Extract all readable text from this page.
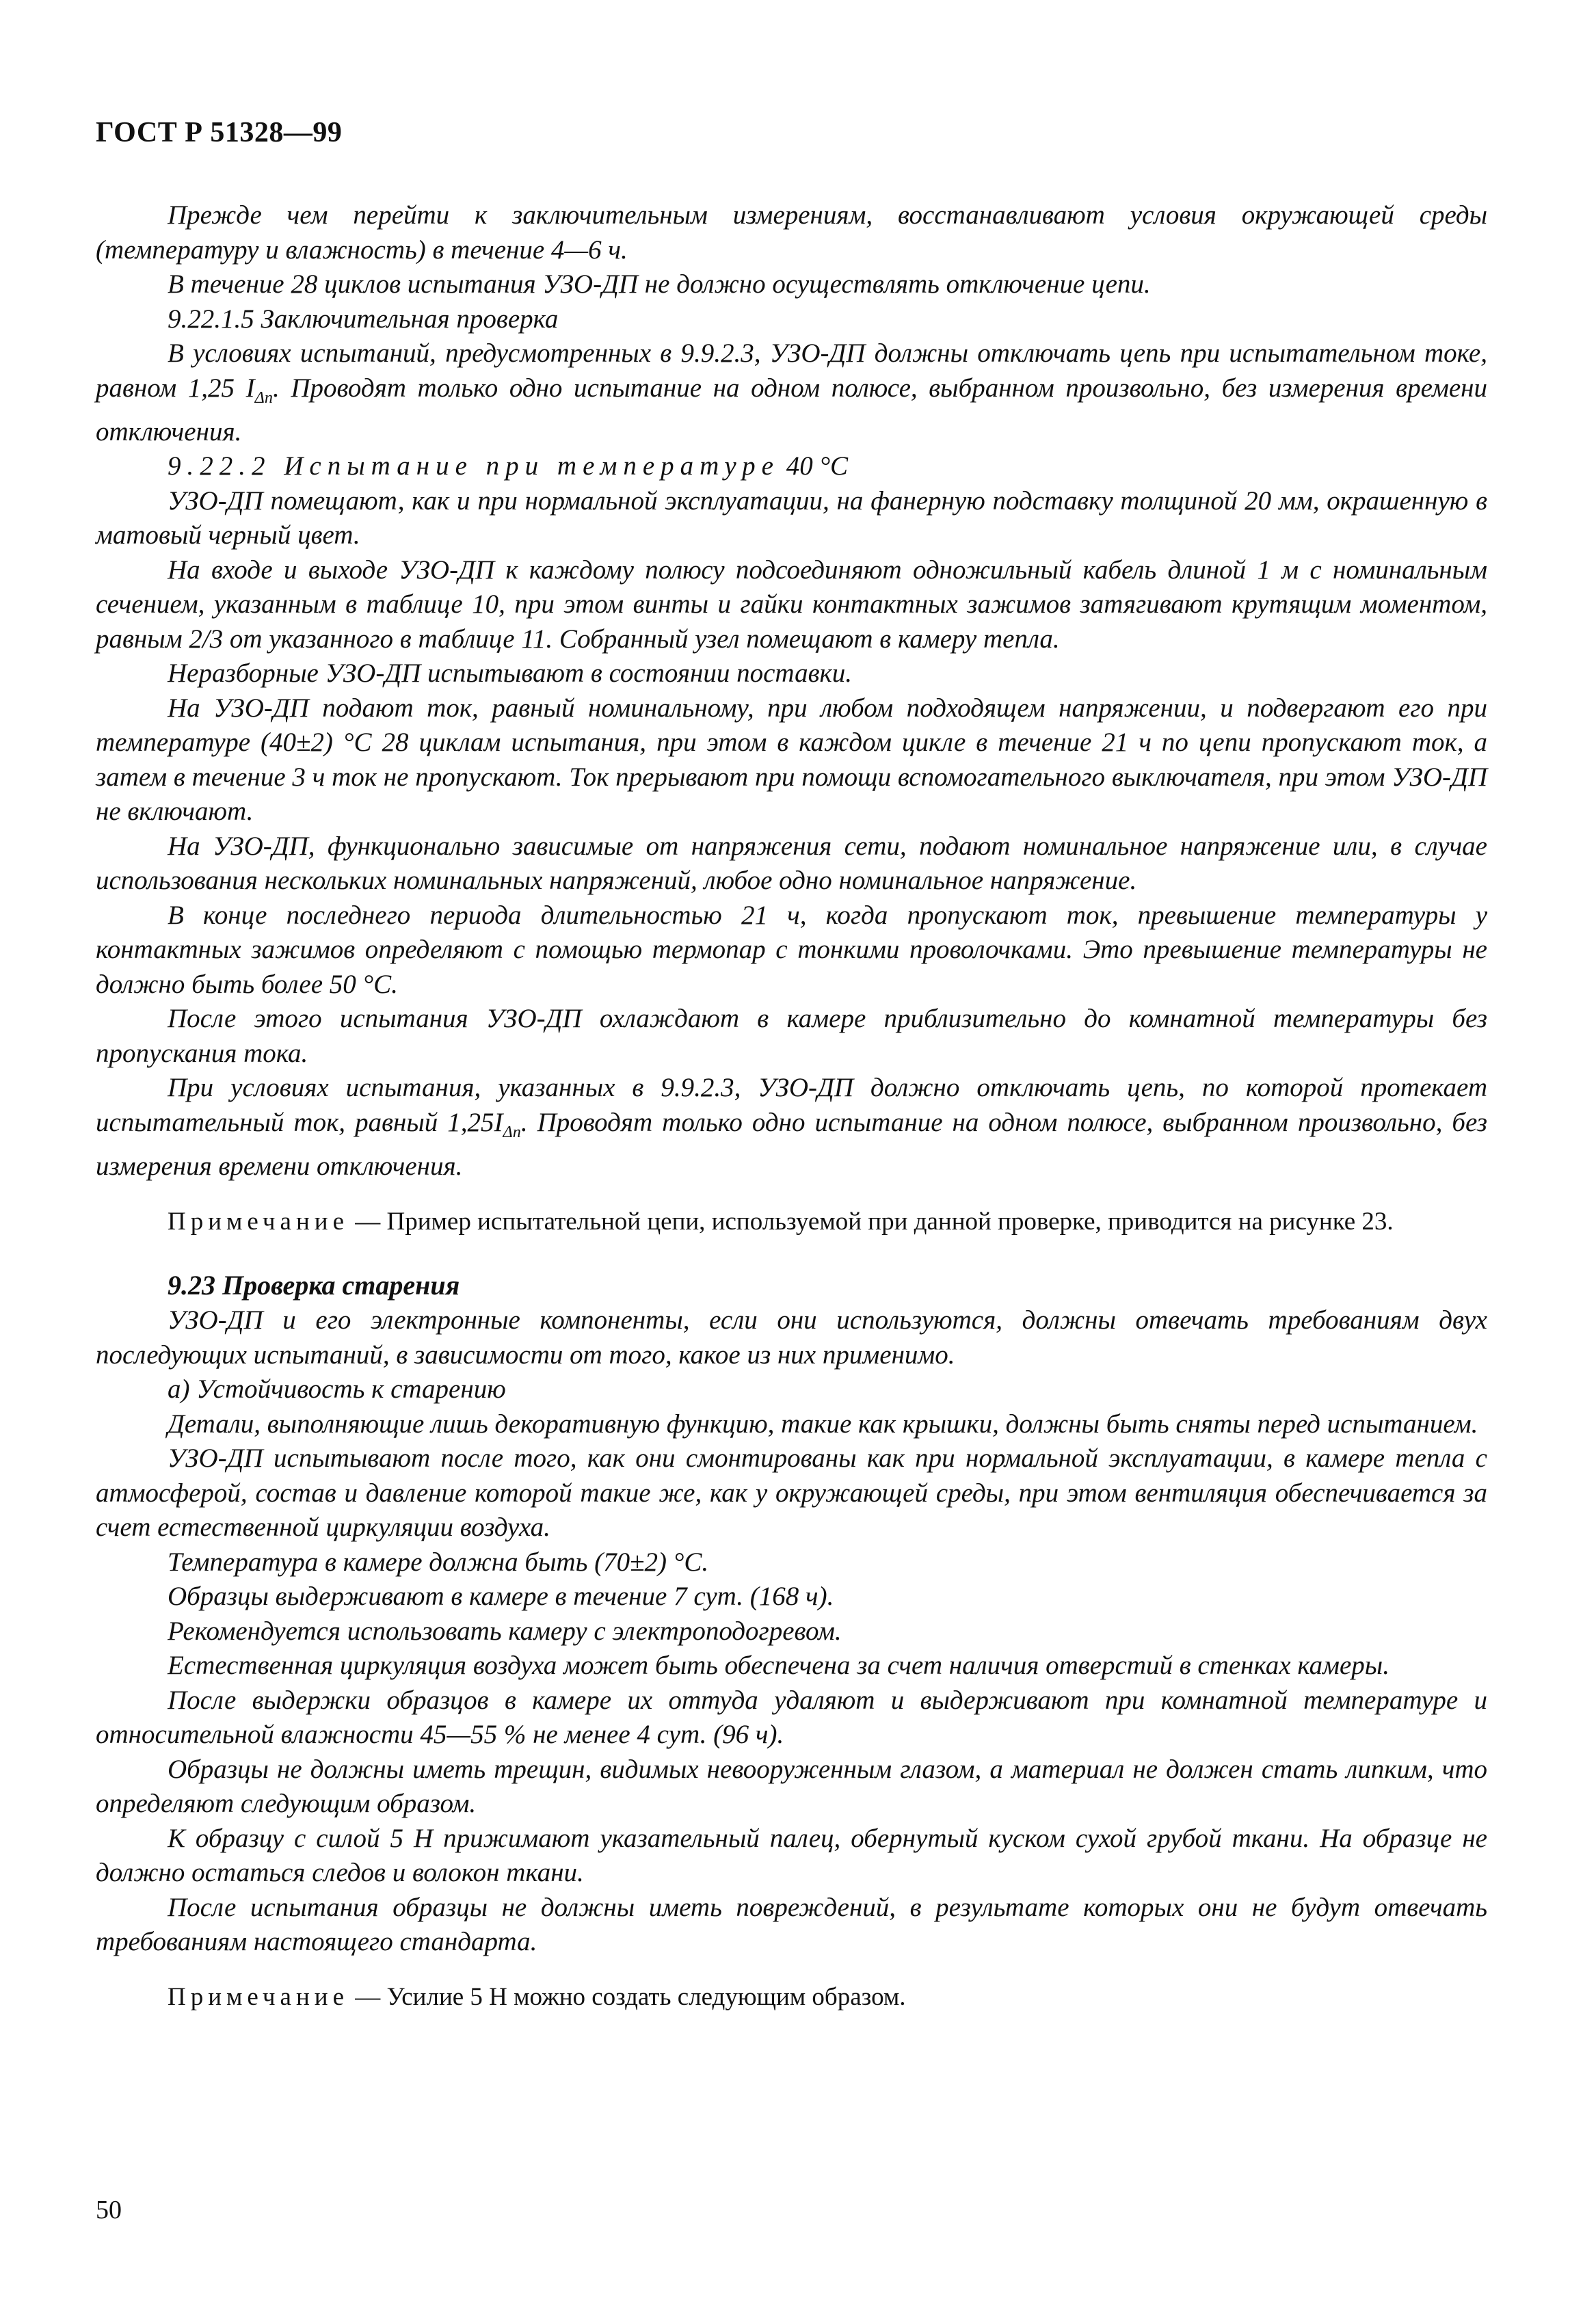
ГОСТ Р 51328—99

Прежде чем перейти к заключительным измерениям, восстанавливают условия окружающей среды (температуру и влажность) в течение 4—6 ч.

В течение 28 циклов испытания УЗО-ДП не должно осуществлять отключение цепи.

9.22.1.5 Заключительная проверка

В условиях испытаний, предусмотренных в 9.9.2.3, УЗО-ДП должны отключать цепь при испытательном токе, равном 1,25 $I_{\Delta n}$. Проводят только одно испытание на одном полюсе, выбранном произвольно, без измерения времени отключения.

9.22.2 Испытание при температуре 40 °С

УЗО-ДП помещают, как и при нормальной эксплуатации, на фанерную подставку толщиной 20 мм, окрашенную в матовый черный цвет.

На входе и выходе УЗО-ДП к каждому полюсу подсоединяют одножильный кабель длиной 1 м с номинальным сечением, указанным в таблице 10, при этом винты и гайки контактных зажимов затягивают крутящим моментом, равным 2/3 от указанного в таблице 11. Собранный узел помещают в камеру тепла.

Неразборные УЗО-ДП испытывают в состоянии поставки.

На УЗО-ДП подают ток, равный номинальному, при любом подходящем напряжении, и подвергают его при температуре (40±2) °С 28 циклам испытания, при этом в каждом цикле в течение 21 ч по цепи пропускают ток, а затем в течение 3 ч ток не пропускают. Ток прерывают при помощи вспомогательного выключателя, при этом УЗО-ДП не включают.

На УЗО-ДП, функционально зависимые от напряжения сети, подают номинальное напряжение или, в случае использования нескольких номинальных напряжений, любое одно номинальное напряжение.

В конце последнего периода длительностью 21 ч, когда пропускают ток, превышение температуры у контактных зажимов определяют с помощью термопар с тонкими проволочками. Это превышение температуры не должно быть более 50 °С.

После этого испытания УЗО-ДП охлаждают в камере приблизительно до комнатной температуры без пропускания тока.

При условиях испытания, указанных в 9.9.2.3, УЗО-ДП должно отключать цепь, по которой протекает испытательный ток, равный $1,25I_{\Delta n}$. Проводят только одно испытание на одном полюсе, выбранном произвольно, без измерения времени отключения.

Примечание — Пример испытательной цепи, используемой при данной проверке, приводится на рисунке 23.

9.23 Проверка старения

УЗО-ДП и его электронные компоненты, если они используются, должны отвечать требованиям двух последующих испытаний, в зависимости от того, какое из них применимо.

а) Устойчивость к старению

Детали, выполняющие лишь декоративную функцию, такие как крышки, должны быть сняты перед испытанием.

УЗО-ДП испытывают после того, как они смонтированы как при нормальной эксплуатации, в камере тепла с атмосферой, состав и давление которой такие же, как у окружающей среды, при этом вентиляция обеспечивается за счет естественной циркуляции воздуха.

Температура в камере должна быть (70±2) °С.

Образцы выдерживают в камере в течение 7 сут. (168 ч).

Рекомендуется использовать камеру с электроподогревом.

Естественная циркуляция воздуха может быть обеспечена за счет наличия отверстий в стенках камеры.

После выдержки образцов в камере их оттуда удаляют и выдерживают при комнатной температуре и относительной влажности 45—55 % не менее 4 сут. (96 ч).

Образцы не должны иметь трещин, видимых невооруженным глазом, а материал не должен стать липким, что определяют следующим образом.

К образцу с силой 5 Н прижимают указательный палец, обернутый куском сухой грубой ткани. На образце не должно остаться следов и волокон ткани.

После испытания образцы не должны иметь повреждений, в результате которых они не будут отвечать требованиям настоящего стандарта.

Примечание — Усилие 5 Н можно создать следующим образом.

50
